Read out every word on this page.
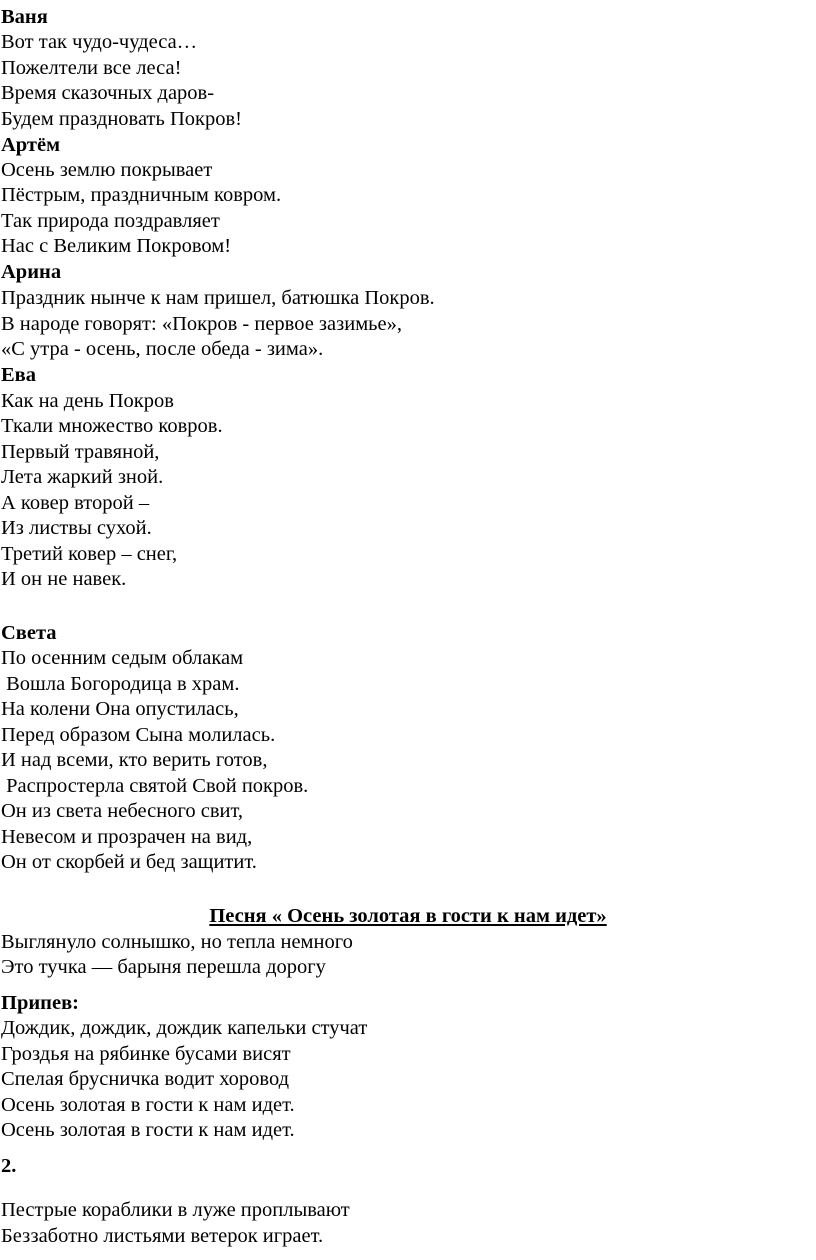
Ваня

Вот так чудо-чудеса…

Пожелтели все леса!

Время сказочных даров-

Будем праздновать Покров!

Артём

Осень землю покрывает

Пёстрым, праздничным ковром.

Так природа поздравляет

Нас с Великим Покровом!

Арина

Праздник нынче к нам пришел, батюшка Покров.

В народе говорят: «Покров - первое зазимье»,

«С утра - осень, после обеда - зима».

Ева

Как на день Покров

Ткали множество ковров.

Первый травяной,

Лета жаркий зной.

А ковер второй –

Из листвы сухой.

Третий ковер – снег,

И он не навек.

Света

По осенним седым облакам

Вошла Богородица в храм.

На колени Она опустилась,

Перед образом Сына молилась.

И над всеми, кто верить готов,

Распростерла святой Свой покров.

Он из света небесного свит,

Невесом и прозрачен на вид,

Он от скорбей и бед защитит.

Песня « Осень золотая в гости к нам идет»

Выглянуло солнышко, но тепла немного

Это тучка — барыня перешла дорогу

Припев:

Дождик, дождик, дождик капельки стучат

Гроздья на рябинке бусами висят

Спелая брусничка водит хоровод

Осень золотая в гости к нам идет.

Осень золотая в гости к нам идет.

2.

Пестрые кораблики в луже проплывают

Беззаботно листьями ветерок играет.
